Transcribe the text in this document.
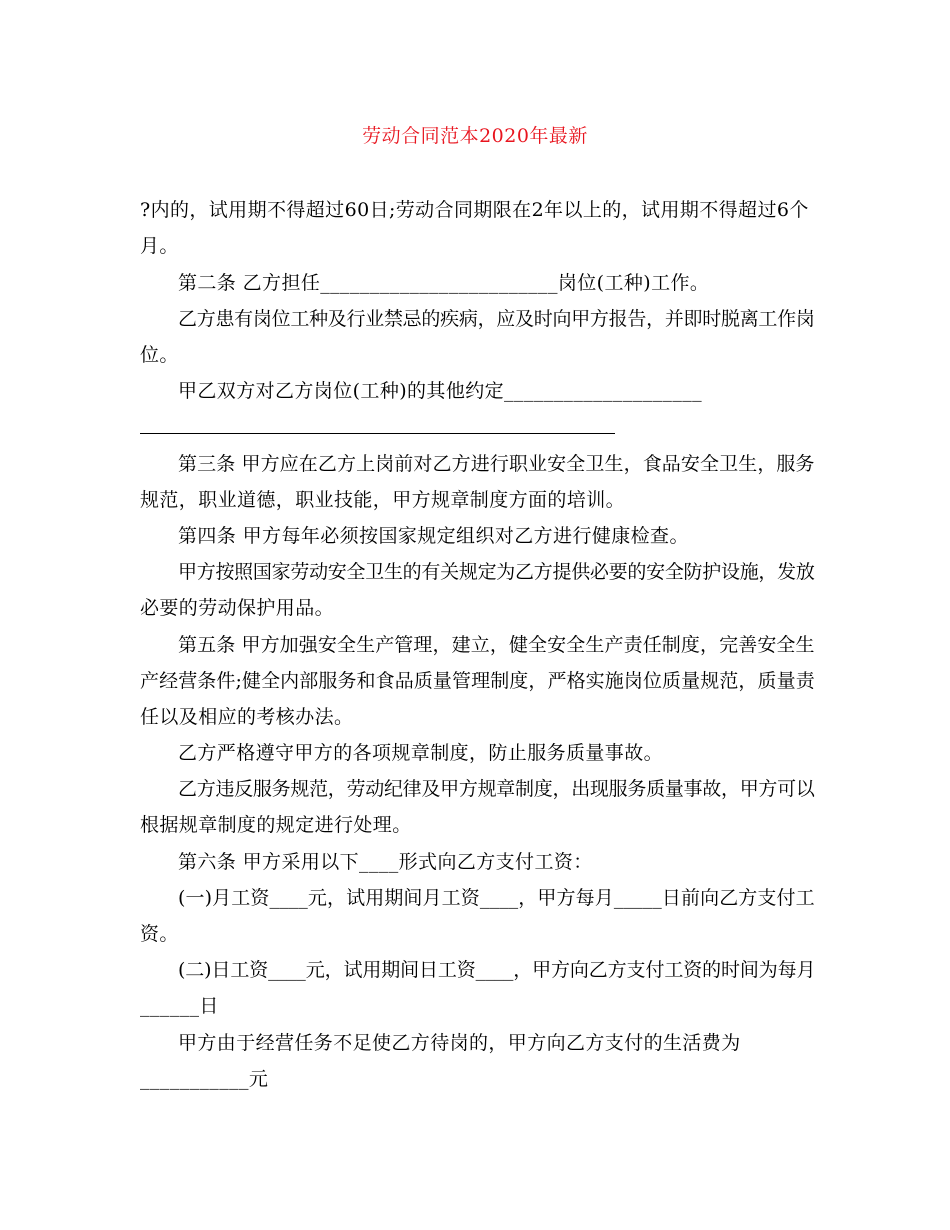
劳动合同范本2020年最新
?内的，试用期不得超过60日;劳动合同期限在2年以上的，试用期不得超过6个
月。
第二条 乙方担任________________________岗位(工种)工作。
乙方患有岗位工种及行业禁忌的疾病，应及时向甲方报告，并即时脱离工作岗
位。
甲乙双方对乙方岗位(工种)的其他约定____________________
第三条 甲方应在乙方上岗前对乙方进行职业安全卫生，食品安全卫生，服务
规范，职业道德，职业技能，甲方规章制度方面的培训。
第四条 甲方每年必须按国家规定组织对乙方进行健康检查。
甲方按照国家劳动安全卫生的有关规定为乙方提供必要的安全防护设施，发放
必要的劳动保护用品。
第五条 甲方加强安全生产管理，建立，健全安全生产责任制度，完善安全生
产经营条件;健全内部服务和食品质量管理制度，严格实施岗位质量规范，质量责
任以及相应的考核办法。
乙方严格遵守甲方的各项规章制度，防止服务质量事故。
乙方违反服务规范，劳动纪律及甲方规章制度，出现服务质量事故，甲方可以
根据规章制度的规定进行处理。
第六条 甲方采用以下____形式向乙方支付工资：
(一)月工资____元，试用期间月工资____，甲方每月_____日前向乙方支付工
资。
(二)日工资____元，试用期间日工资____，甲方向乙方支付工资的时间为每月
______日
甲方由于经营任务不足使乙方待岗的，甲方向乙方支付的生活费为
___________元
